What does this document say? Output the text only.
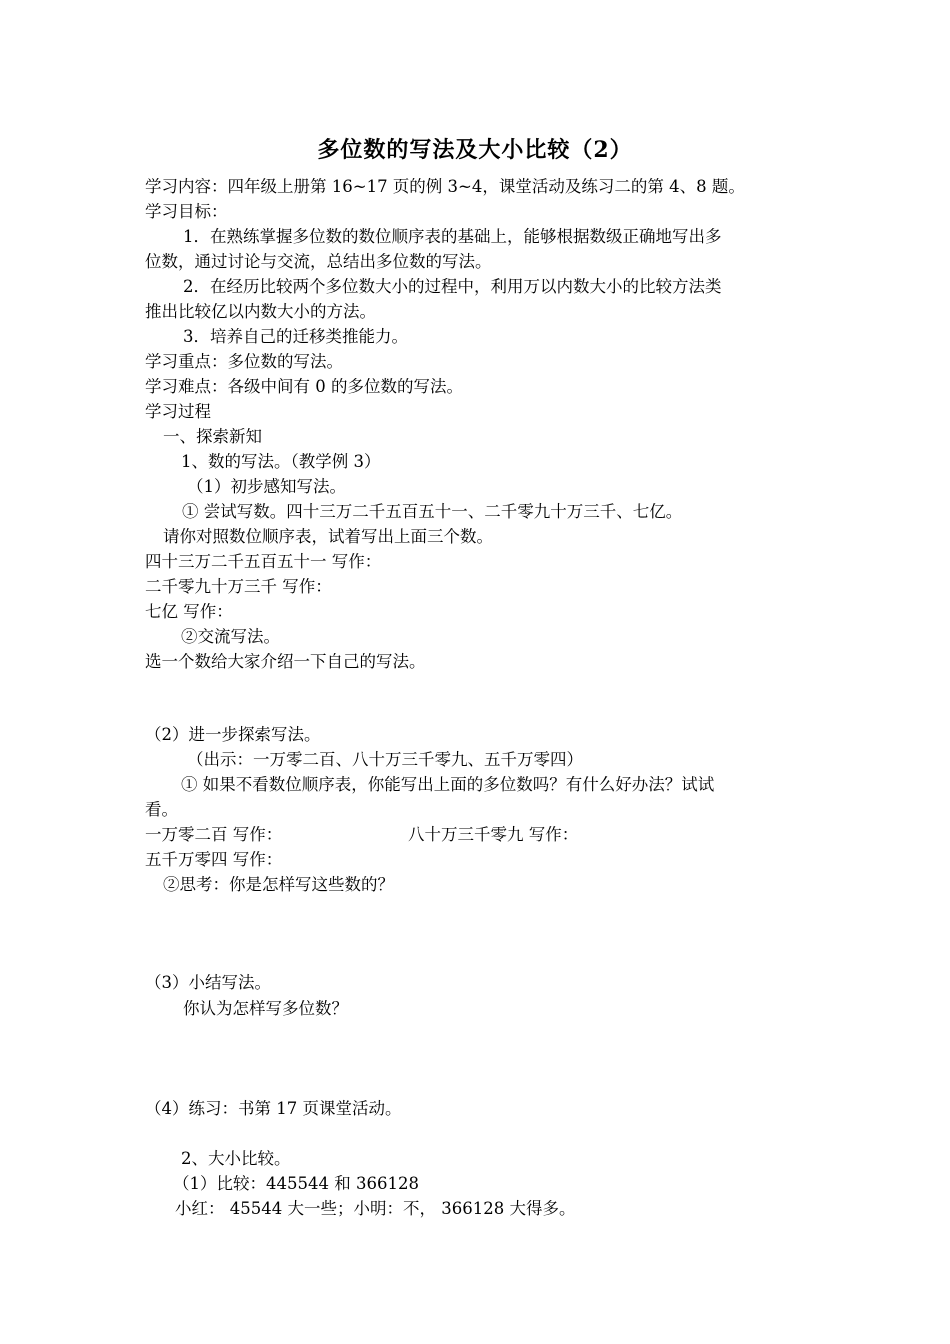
多位数的写法及大小比较（2）
学习内容：四年级上册第 16~17 页的例 3~4，课堂活动及练习二的第 4、8 题。
学习目标：
1．在熟练掌握多位数的数位顺序表的基础上，能够根据数级正确地写出多
位数，通过讨论与交流，总结出多位数的写法。
2．在经历比较两个多位数大小的过程中，利用万以内数大小的比较方法类
推出比较亿以内数大小的方法。
3．培养自己的迁移类推能力。
学习重点：多位数的写法。
学习难点：各级中间有 0 的多位数的写法。
学习过程
一、探索新知
1、数的写法。（教学例 3）
（1）初步感知写法。
① 尝试写数。四十三万二千五百五十一、二千零九十万三千、七亿。
请你对照数位顺序表，试着写出上面三个数。
四十三万二千五百五十一 写作：
二千零九十万三千 写作：
七亿 写作：
②交流写法。
选一个数给大家介绍一下自己的写法。
（2）进一步探索写法。
（出示：一万零二百、八十万三千零九、五千万零四）
① 如果不看数位顺序表，你能写出上面的多位数吗？有什么好办法？试试
看。
一万零二百 写作：	八十万三千零九 写作：
五千万零四 写作：
②思考：你是怎样写这些数的？
（3）小结写法。
你认为怎样写多位数？
（4）练习：书第 17 页课堂活动。
2、大小比较。
（1）比较：445544 和 366128
小红： 45544 大一些；小明：不， 366128 大得多。
